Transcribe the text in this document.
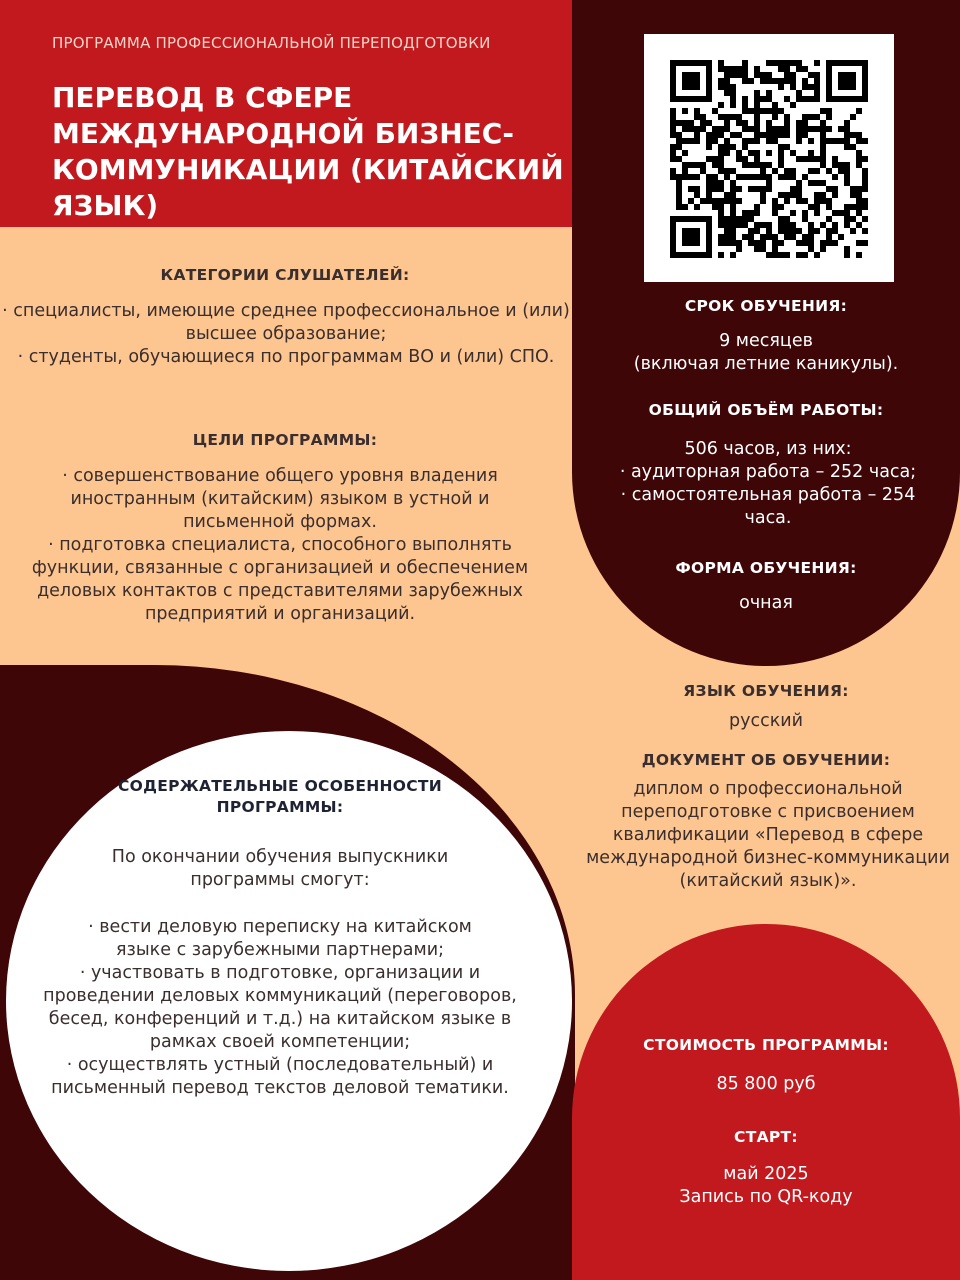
ПРОГРАММА ПРОФЕССИОНАЛЬНОЙ ПЕРЕПОДГОТОВКИ
ПЕРЕВОД В СФЕРЕ МЕЖДУНАРОДНОЙ БИЗНЕС-КОММУНИКАЦИИ (КИТАЙСКИЙ ЯЗЫК)
КАТЕГОРИИ СЛУШАТЕЛЕЙ:

· специалисты, имеющие среднее профессиональное и (или) высшее образование;

· студенты, обучающиеся по программам ВО и (или) СПО.

ЦЕЛИ ПРОГРАММЫ:

· совершенствование общего уровня владения иностранным (китайским) языком в устной и письменной формах.

· подготовка специалиста, способного выполнять функции, связанные с организацией и обеспечением деловых контактов с представителями зарубежных предприятий и организаций.

СОДЕРЖАТЕЛЬНЫЕ ОСОБЕННОСТИ ПРОГРАММЫ:
По окончании обучения выпускники программы смогут:

· вести деловую переписку на китайском языке с зарубежными партнерами;

· участвовать в подготовке, организации и проведении деловых коммуникаций (переговоров, бесед, конференций и т.д.) на китайском языке в рамках своей компетенции;

· осуществлять устный (последовательный) и письменный перевод текстов деловой тематики.

СРОК ОБУЧЕНИЯ:

9 месяцев

(включая летние каникулы).

ОБЩИЙ ОБЪЁМ РАБОТЫ:

506 часов, из них:

· аудиторная работа – 252 часа;

· самостоятельная работа – 254 часа.

ФОРМА ОБУЧЕНИЯ:
очная
ЯЗЫК ОБУЧЕНИЯ:
русский
ДОКУМЕНТ ОБ ОБУЧЕНИИ:
диплом о профессиональной переподготовке с присвоением квалификации «Перевод в сфере международной бизнес-коммуникации (китайский язык)».
СТОИМОСТЬ ПРОГРАММЫ:
85 800 руб
СТАРТ:

май 2025

Запись по QR-коду
